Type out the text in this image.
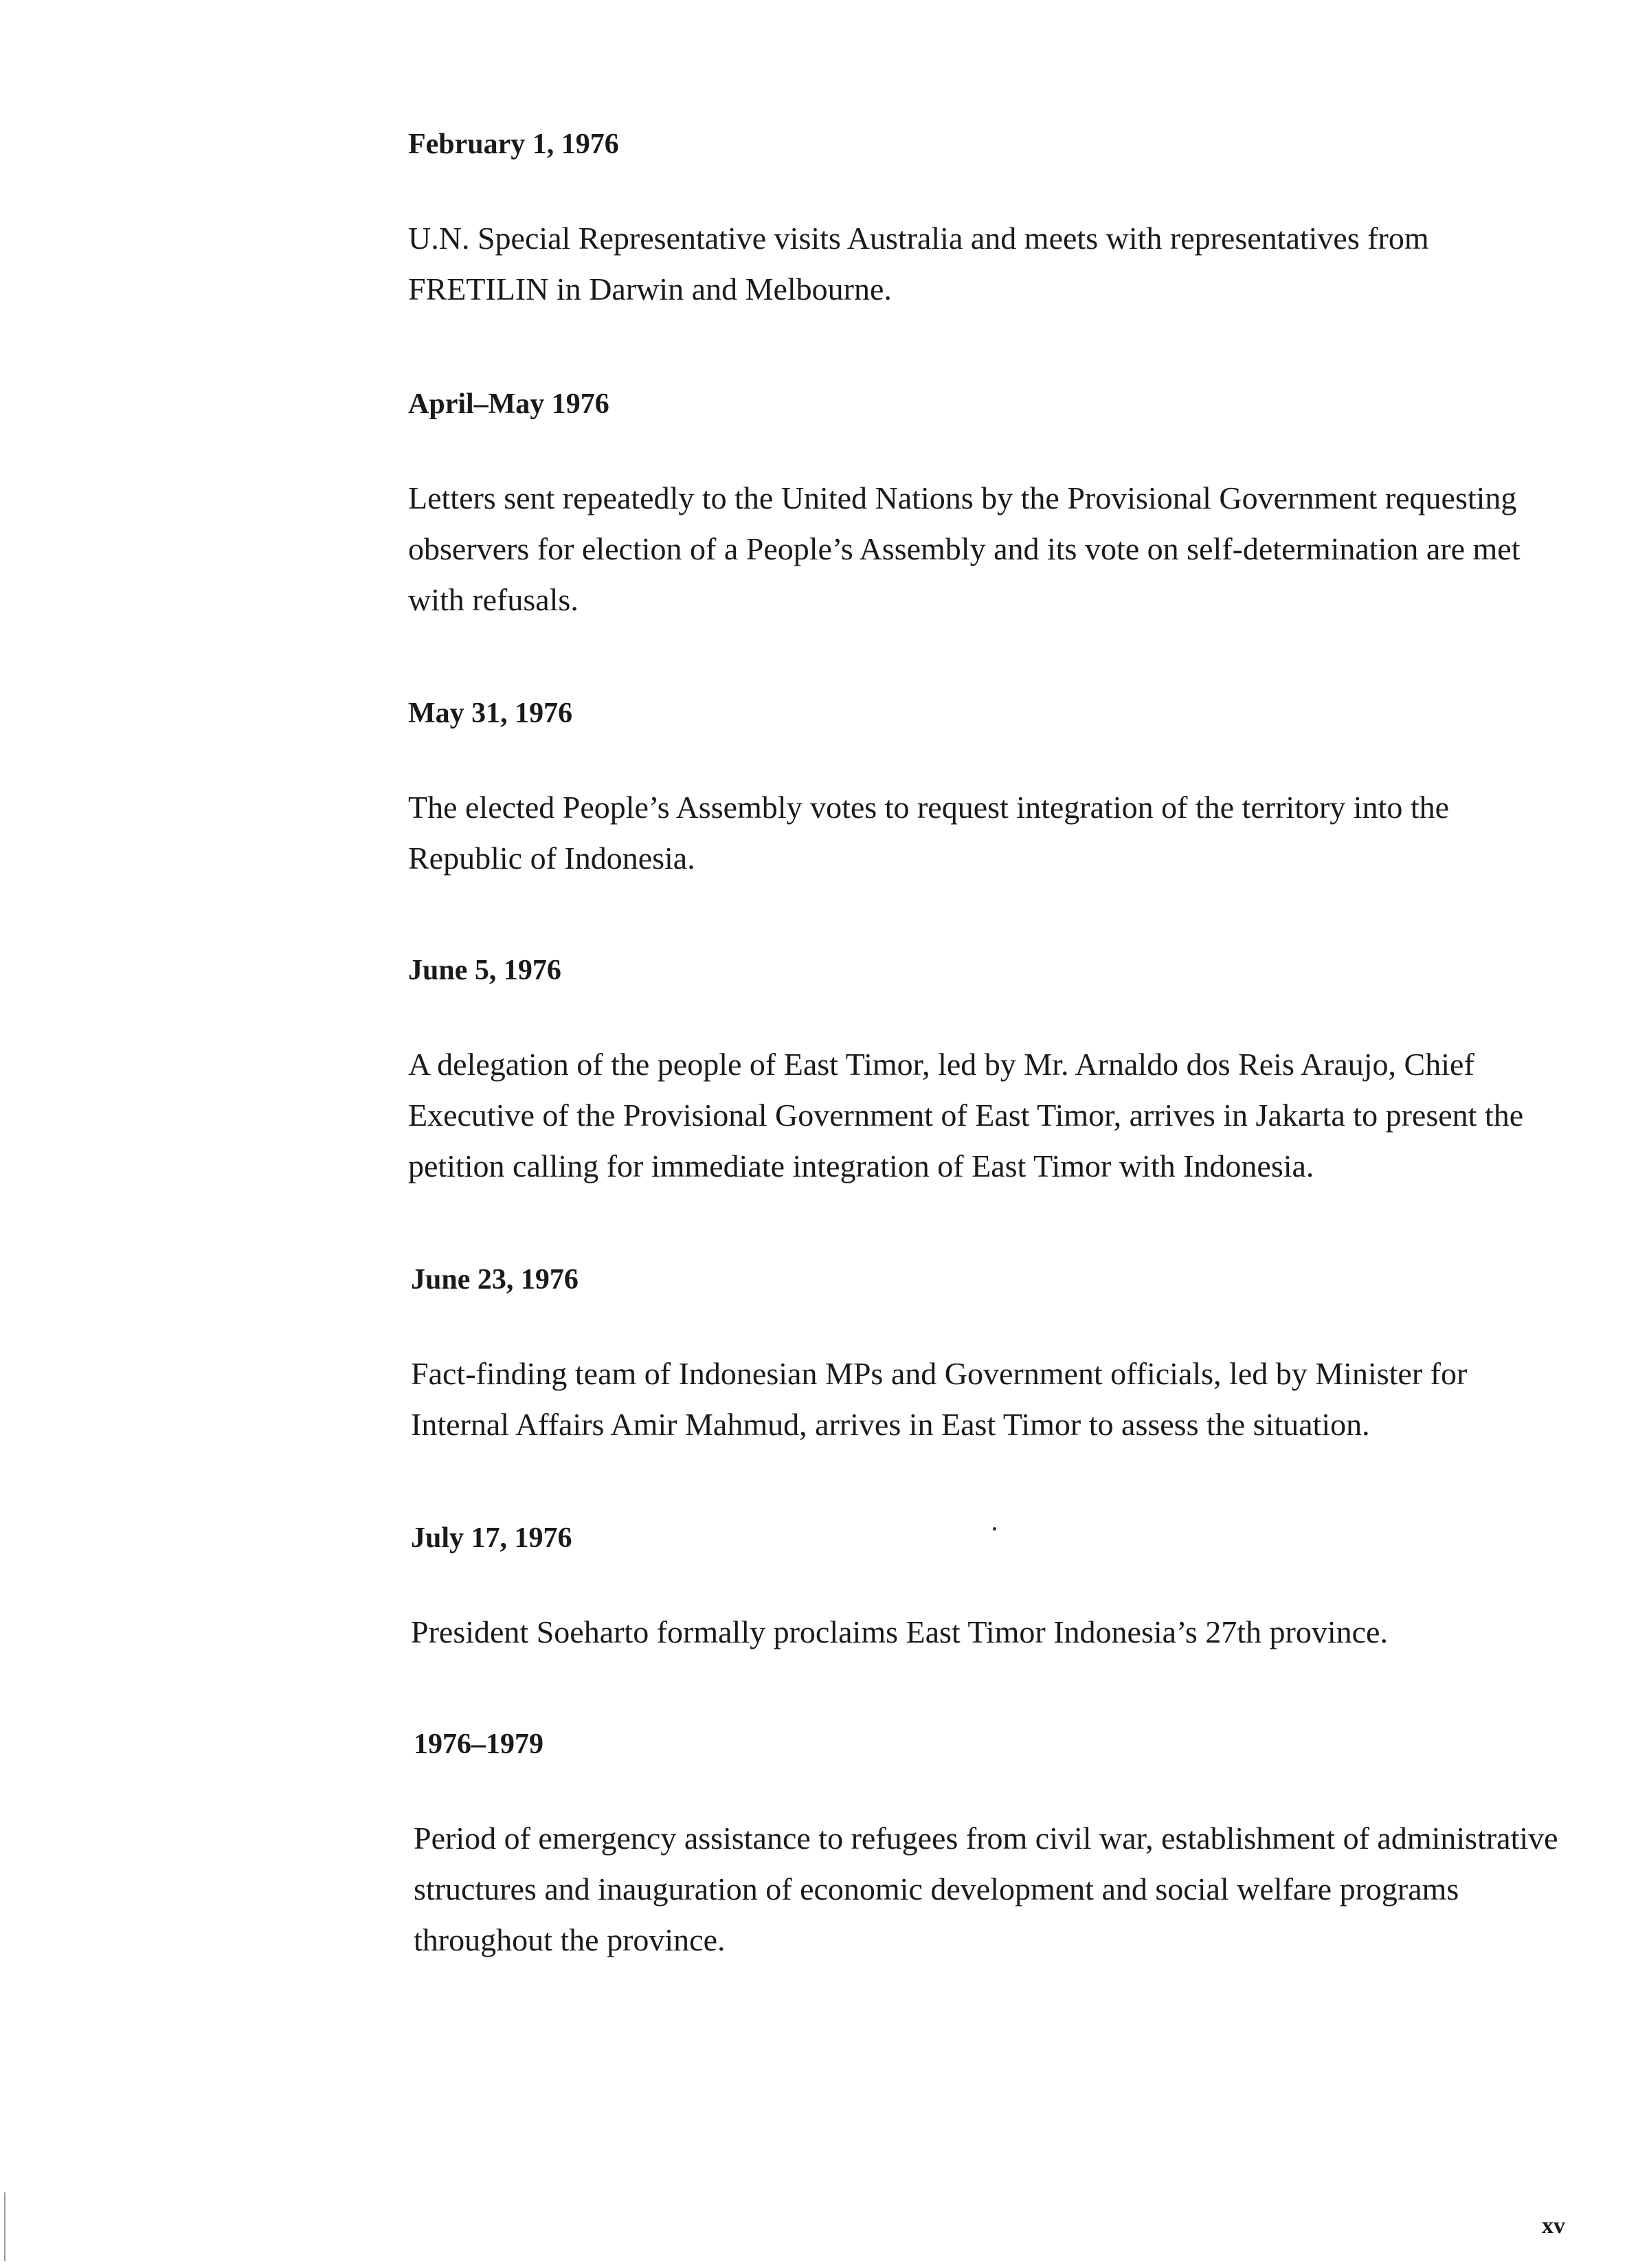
February 1, 1976

U.N. Special Representative visits Australia and meets with representatives from FRETILIN in Darwin and Melbourne.

April–May 1976

Letters sent repeatedly to the United Nations by the Provisional Government requesting observers for election of a People’s Assembly and its vote on self-determination are met with refusals.

May 31, 1976

The elected People’s Assembly votes to request integration of the territory into the Republic of Indonesia.

June 5, 1976

A delegation of the people of East Timor, led by Mr. Arnaldo dos Reis Araujo, Chief Executive of the Provisional Government of East Timor, arrives in Jakarta to present the petition calling for immediate integration of East Timor with Indonesia.

June 23, 1976

Fact-finding team of Indonesian MPs and Government officials, led by Minister for Internal Affairs Amir Mahmud, arrives in East Timor to assess the situation.

July 17, 1976

President Soeharto formally proclaims East Timor Indonesia’s 27th province.

1976–1979

Period of emergency assistance to refugees from civil war, establishment of administrative structures and inauguration of economic development and social welfare programs throughout the province.

xv
